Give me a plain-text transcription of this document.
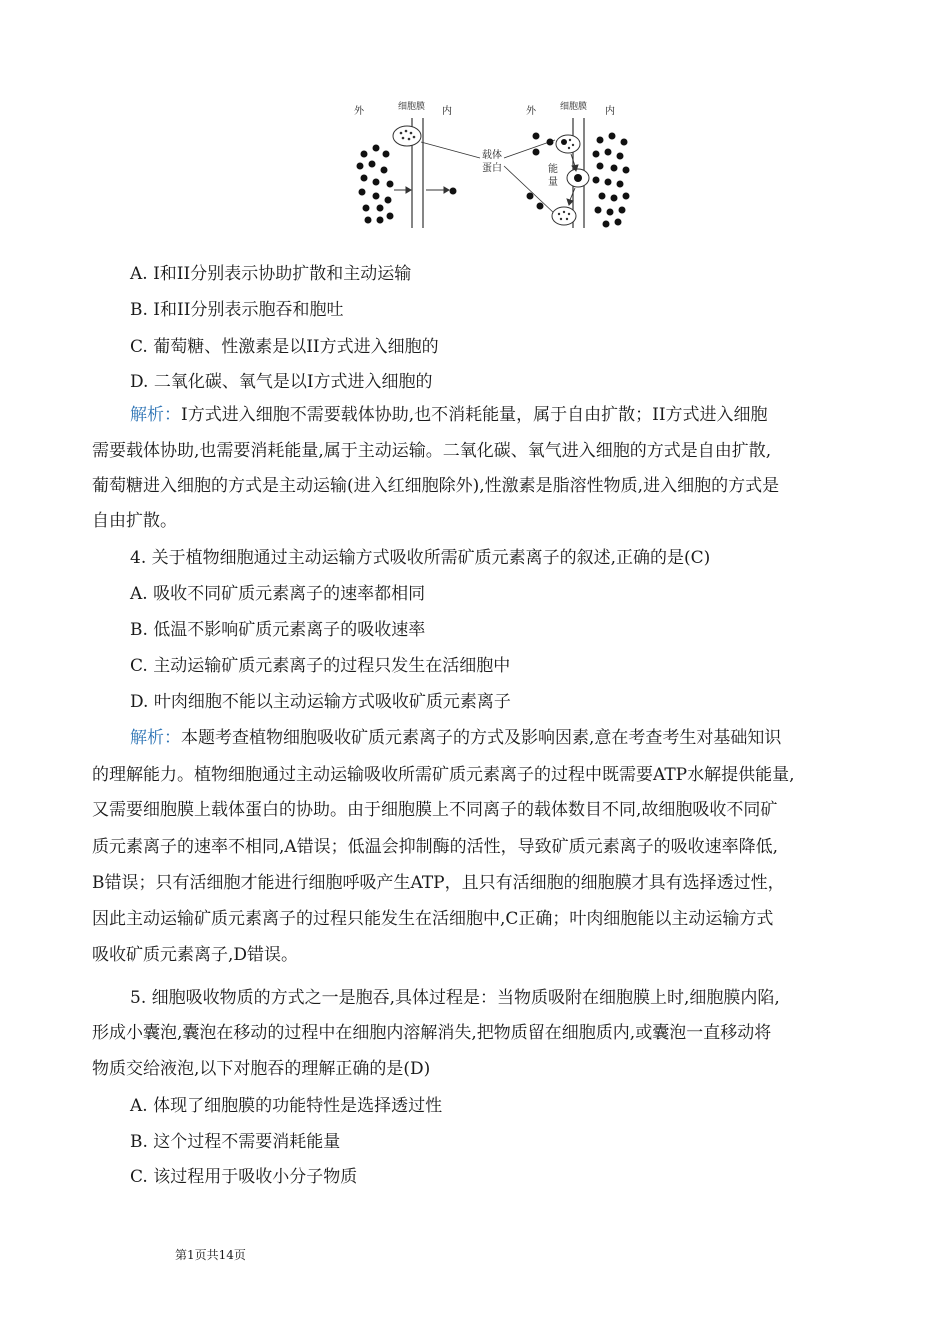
外	细胞膜 内	外	细胞膜 内
载体
蛋白	能
量
A. I和II分别表示协助扩散和主动运输
B. I和II分别表示胞吞和胞吐
C. 葡萄糖、性激素是以II方式进入细胞的
D. 二氧化碳、氧气是以I方式进入细胞的
解析：I方式进入细胞不需要载体协助,也不消耗能量，属于自由扩散；II方式进入细胞
需要载体协助,也需要消耗能量,属于主动运输。二氧化碳、氧气进入细胞的方式是自由扩散,
葡萄糖进入细胞的方式是主动运输(进入红细胞除外),性激素是脂溶性物质,进入细胞的方式是
自由扩散。
4. 关于植物细胞通过主动运输方式吸收所需矿质元素离子的叙述,正确的是(C)
A. 吸收不同矿质元素离子的速率都相同
B. 低温不影响矿质元素离子的吸收速率
C. 主动运输矿质元素离子的过程只发生在活细胞中
D. 叶肉细胞不能以主动运输方式吸收矿质元素离子
解析：本题考查植物细胞吸收矿质元素离子的方式及影响因素,意在考查考生对基础知识
的理解能力。植物细胞通过主动运输吸收所需矿质元素离子的过程中既需要ATP水解提供能量,
又需要细胞膜上载体蛋白的协助。由于细胞膜上不同离子的载体数目不同,故细胞吸收不同矿
质元素离子的速率不相同,A错误；低温会抑制酶的活性，导致矿质元素离子的吸收速率降低,
B错误；只有活细胞才能进行细胞呼吸产生ATP，且只有活细胞的细胞膜才具有选择透过性，
因此主动运输矿质元素离子的过程只能发生在活细胞中,C正确；叶肉细胞能以主动运输方式
吸收矿质元素离子,D错误。
5. 细胞吸收物质的方式之一是胞吞,具体过程是：当物质吸附在细胞膜上时,细胞膜内陷,
形成小囊泡,囊泡在移动的过程中在细胞内溶解消失,把物质留在细胞质内,或囊泡一直移动将
物质交给液泡,以下对胞吞的理解正确的是(D)
A. 体现了细胞膜的功能特性是选择透过性
B. 这个过程不需要消耗能量
C. 该过程用于吸收小分子物质
第1页共14页
